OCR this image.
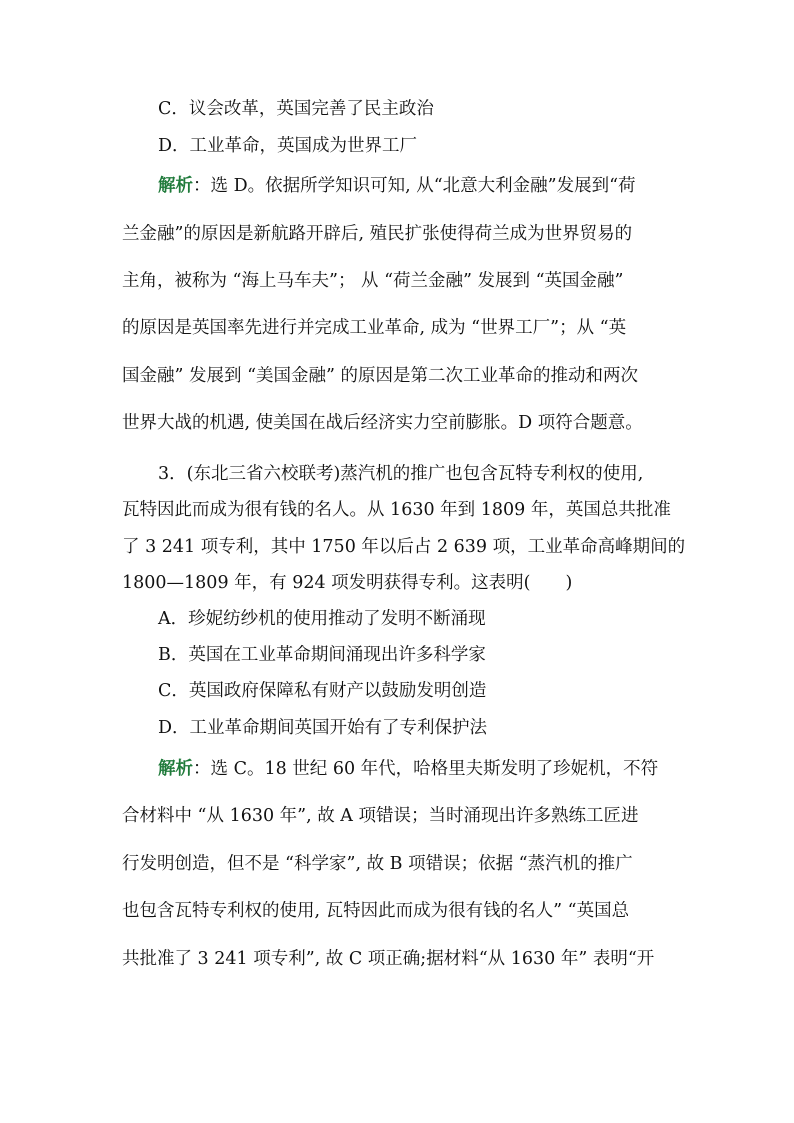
C．议会改革，英国完善了民主政治
D．工业革命，英国成为世界工厂
解析：选 D。依据所学知识可知, 从“北意大利金融”发展到“荷
兰金融”的原因是新航路开辟后, 殖民扩张使得荷兰成为世界贸易的
主角，被称为 “海上马车夫”； 从 “荷兰金融” 发展到 “英国金融”
的原因是英国率先进行并完成工业革命, 成为 “世界工厂”；从 “英
国金融” 发展到 “美国金融” 的原因是第二次工业革命的推动和两次
世界大战的机遇, 使美国在战后经济实力空前膨胀。D 项符合题意。
3．(东北三省六校联考)蒸汽机的推广也包含瓦特专利权的使用,
瓦特因此而成为很有钱的名人。从 1630 年到 1809 年，英国总共批准
了 3 241 项专利，其中 1750 年以后占 2 639 项，工业革命高峰期间的
1800—1809 年，有 924 项发明获得专利。这表明(　　)
A．珍妮纺纱机的使用推动了发明不断涌现
B．英国在工业革命期间涌现出许多科学家
C．英国政府保障私有财产以鼓励发明创造
D．工业革命期间英国开始有了专利保护法
解析：选 C。18 世纪 60 年代，哈格里夫斯发明了珍妮机，不符
合材料中 “从 1630 年”, 故 A 项错误；当时涌现出许多熟练工匠进
行发明创造，但不是 “科学家”, 故 B 项错误；依据 “蒸汽机的推广
也包含瓦特专利权的使用, 瓦特因此而成为很有钱的名人” “英国总
共批准了 3 241 项专利”, 故 C 项正确;据材料“从 1630 年” 表明“开
